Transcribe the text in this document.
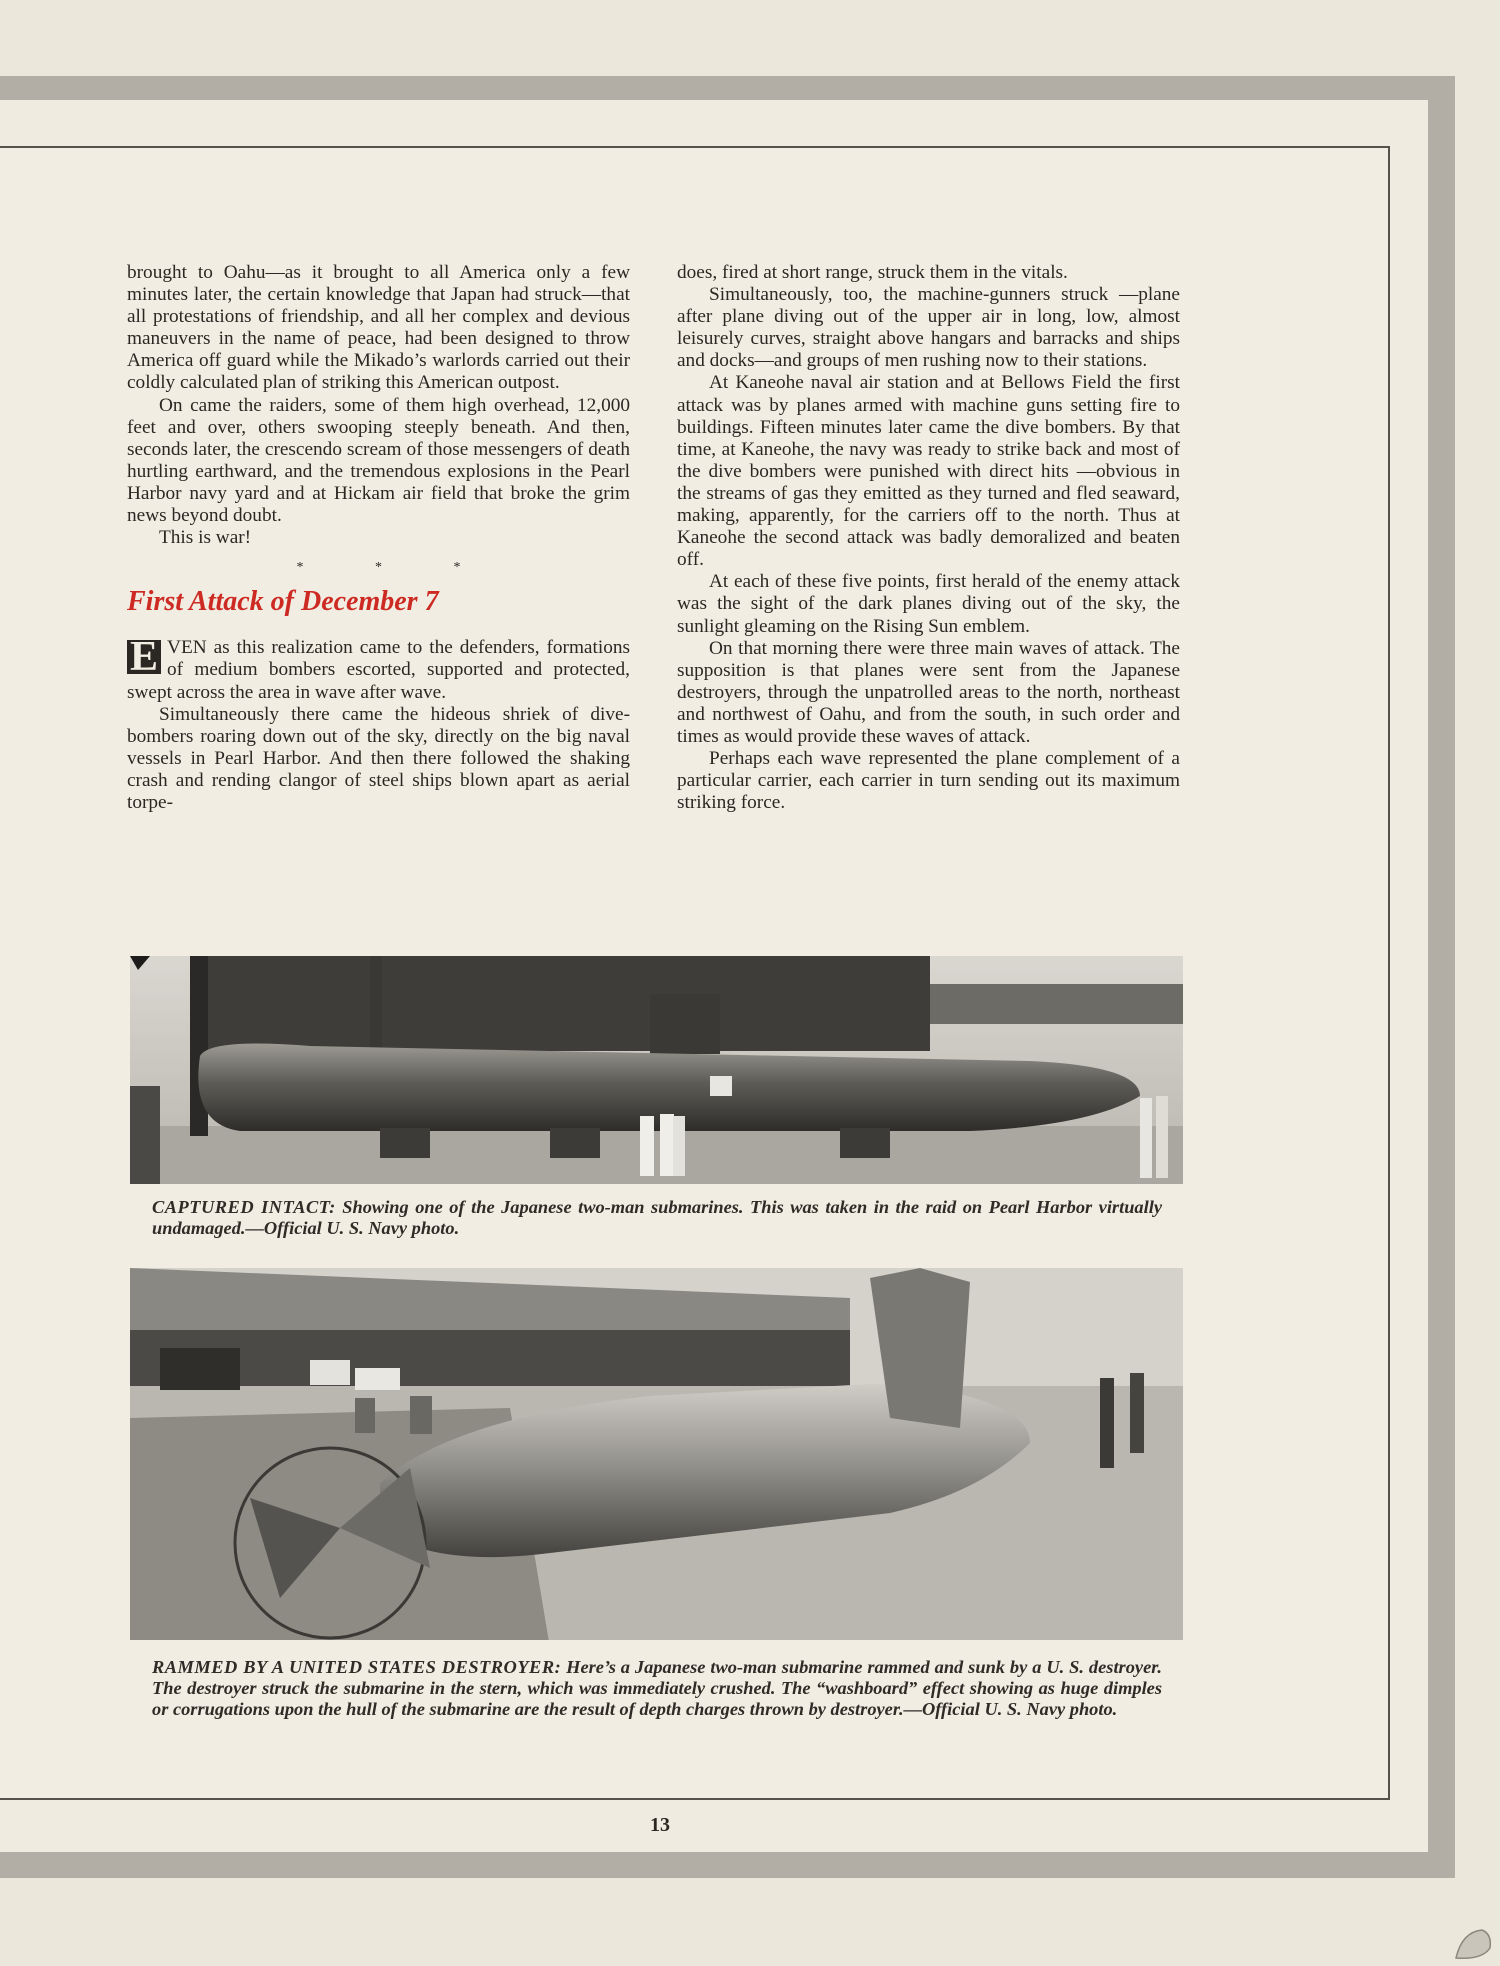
brought to Oahu—as it brought to all America only a few minutes later, the certain knowledge that Japan had struck—that all protestations of friendship, and all her complex and devious maneuvers in the name of peace, had been designed to throw America off guard while the Mikado’s warlords carried out their coldly calculated plan of striking this American outpost.

On came the raiders, some of them high overhead, 12,000 feet and over, others swooping steeply beneath. And then, seconds later, the crescendo scream of those messengers of death hurtling earthward, and the tremendous explosions in the Pearl Harbor navy yard and at Hickam air field that broke the grim news beyond doubt.

This is war!

* * *
First Attack of December 7

E VEN as this realization came to the defenders, formations of medium bombers escorted, supported and protected, swept across the area in wave after wave.

Simultaneously there came the hideous shriek of dive-bombers roaring down out of the sky, directly on the big naval vessels in Pearl Harbor. And then there followed the shaking crash and rending clangor of steel ships blown apart as aerial torpe-

does, fired at short range, struck them in the vitals.

Simultaneously, too, the machine-gunners struck —plane after plane diving out of the upper air in long, low, almost leisurely curves, straight above hangars and barracks and ships and docks—and groups of men rushing now to their stations.

At Kaneohe naval air station and at Bellows Field the first attack was by planes armed with machine guns setting fire to buildings. Fifteen minutes later came the dive bombers. By that time, at Kaneohe, the navy was ready to strike back and most of the dive bombers were punished with direct hits —obvious in the streams of gas they emitted as they turned and fled seaward, making, apparently, for the carriers off to the north. Thus at Kaneohe the second attack was badly demoralized and beaten off.

At each of these five points, first herald of the enemy attack was the sight of the dark planes diving out of the sky, the sunlight gleaming on the Rising Sun emblem.

On that morning there were three main waves of attack. The supposition is that planes were sent from the Japanese destroyers, through the unpatrolled areas to the north, northeast and northwest of Oahu, and from the south, in such order and times as would provide these waves of attack.

Perhaps each wave represented the plane complement of a particular carrier, each carrier in turn sending out its maximum striking force.

CAPTURED INTACT: Showing one of the Japanese two-man submarines. This was taken in the raid on Pearl Harbor virtually undamaged.—Official U. S. Navy photo.
RAMMED BY A UNITED STATES DESTROYER: Here’s a Japanese two-man submarine rammed and sunk by a U. S. destroyer. The destroyer struck the submarine in the stern, which was immediately crushed. The “washboard” effect showing as huge dimples or corrugations upon the hull of the submarine are the result of depth charges thrown by destroyer.—Official U. S. Navy photo.
13
